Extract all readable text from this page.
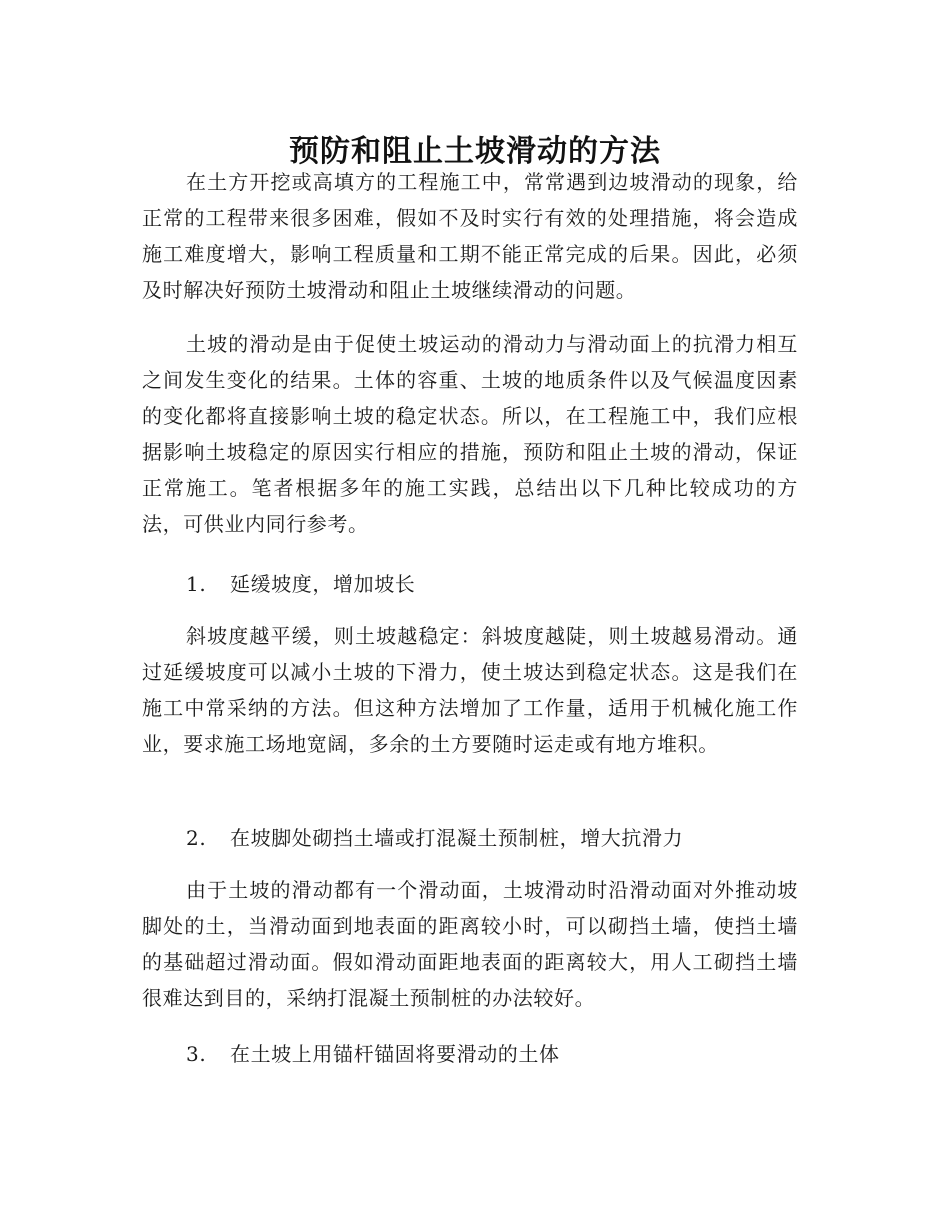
预防和阻止土坡滑动的方法

在土方开挖或高填方的工程施工中，常常遇到边坡滑动的现象，给正常的工程带来很多困难，假如不及时实行有效的处理措施，将会造成施工难度增大，影响工程质量和工期不能正常完成的后果。因此，必须及时解决好预防土坡滑动和阻止土坡继续滑动的问题。

土坡的滑动是由于促使土坡运动的滑动力与滑动面上的抗滑力相互之间发生变化的结果。土体的容重、土坡的地质条件以及气候温度因素的变化都将直接影响土坡的稳定状态。所以，在工程施工中，我们应根据影响土坡稳定的原因实行相应的措施，预防和阻止土坡的滑动，保证正常施工。笔者根据多年的施工实践，总结出以下几种比较成功的方法，可供业内同行参考。

1. 延缓坡度，增加坡长

斜坡度越平缓，则土坡越稳定：斜坡度越陡，则土坡越易滑动。通过延缓坡度可以减小土坡的下滑力，使土坡达到稳定状态。这是我们在施工中常采纳的方法。但这种方法增加了工作量，适用于机械化施工作业，要求施工场地宽阔，多余的土方要随时运走或有地方堆积。

2. 在坡脚处砌挡土墙或打混凝土预制桩，增大抗滑力

由于土坡的滑动都有一个滑动面，土坡滑动时沿滑动面对外推动坡脚处的土，当滑动面到地表面的距离较小时，可以砌挡土墙，使挡土墙的基础超过滑动面。假如滑动面距地表面的距离较大，用人工砌挡土墙很难达到目的，采纳打混凝土预制桩的办法较好。

3. 在土坡上用锚杆锚固将要滑动的土体
